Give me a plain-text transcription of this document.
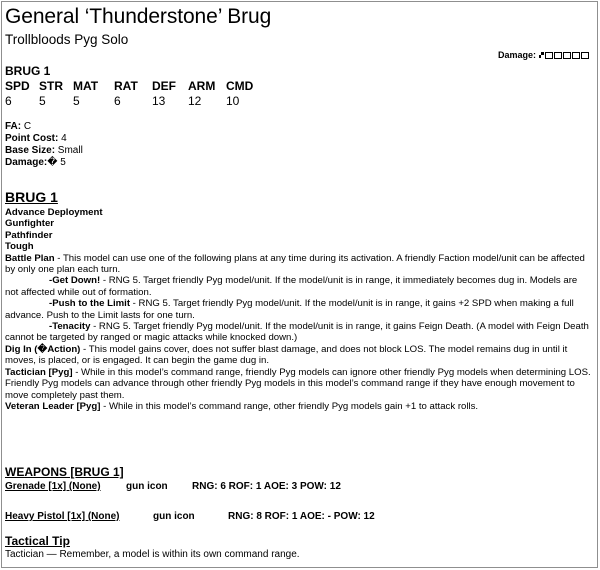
General ‘Thunderstone’ Brug
Trollbloods Pyg Solo
Damage:
BRUG 1
SPD STR MAT	RAT	DEF	ARM CMD
6	5	5	6	13	12	10
FA: C
Point Cost: 4
Base Size: Small
Damage:� 5
BRUG 1

Advance Deployment

Gunfighter

Pathfinder

Tough

Battle Plan - This model can use one of the following plans at any time during its activation. A friendly Faction model/unit can be affected by only one plan each turn.

-Get Down! - RNG 5. Target friendly Pyg model/unit. If the model/unit is in range, it immediately becomes dug in. Models are not affected while out of formation.

-Push to the Limit - RNG 5. Target friendly Pyg model/unit. If the model/unit is in range, it gains +2 SPD when making a full advance. Push to the Limit lasts for one turn.

-Tenacity - RNG 5. Target friendly Pyg model/unit. If the model/unit is in range, it gains Feign Death. (A model with Feign Death cannot be targeted by ranged or magic attacks while knocked down.)

Dig In (�Action) - This model gains cover, does not suffer blast damage, and does not block LOS. The model remains dug in until it moves, is placed, or is engaged. It can begin the game dug in.

Tactician [Pyg] - While in this model’s command range, friendly Pyg models can ignore other friendly Pyg models when determining LOS. Friendly Pyg models can advance through other friendly Pyg models in this model’s command range if they have enough movement to move completely past them.

Veteran Leader [Pyg] - While in this model’s command range, other friendly Pyg models gain +1 to attack rolls.

WEAPONS [BRUG 1]
Grenade [1x] (None)	gun icon	RNG: 6 ROF: 1 AOE: 3 POW: 12
Heavy Pistol [1x] (None)	gun icon	RNG: 8 ROF: 1 AOE: - POW: 12
Tactical Tip
Tactician — Remember, a model is within its own command range.
